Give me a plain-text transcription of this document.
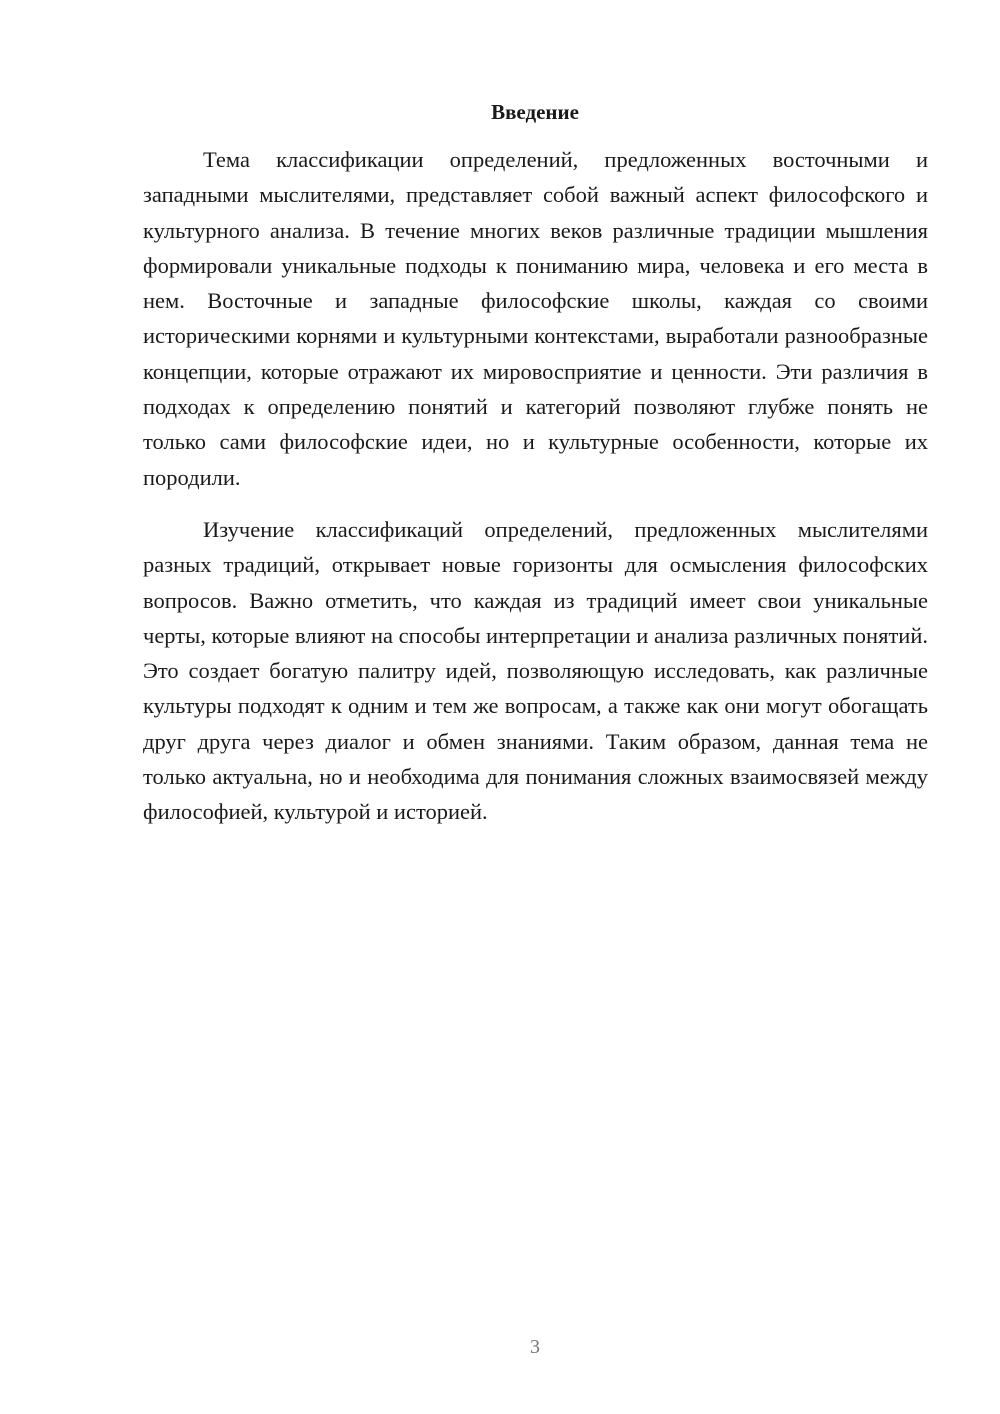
Введение

Тема классификации определений, предложенных восточными и западными мыслителями, представляет собой важный аспект философского и культурного анализа. В течение многих веков различные традиции мышления формировали уникальные подходы к пониманию мира, человека и его места в нем. Восточные и западные философские школы, каждая со своими историческими корнями и культурными контекстами, выработали разнообразные концепции, которые отражают их мировосприятие и ценности. Эти различия в подходах к определению понятий и категорий позволяют глубже понять не только сами философские идеи, но и культурные особенности, которые их породили.

Изучение классификаций определений, предложенных мыслителями разных традиций, открывает новые горизонты для осмысления философских вопросов. Важно отметить, что каждая из традиций имеет свои уникальные черты, которые влияют на способы интерпретации и анализа различных понятий. Это создает богатую палитру идей, позволяющую исследовать, как различные культуры подходят к одним и тем же вопросам, а также как они могут обогащать друг друга через диалог и обмен знаниями. Таким образом, данная тема не только актуальна, но и необходима для понимания сложных взаимосвязей между философией, культурой и историей.

3
